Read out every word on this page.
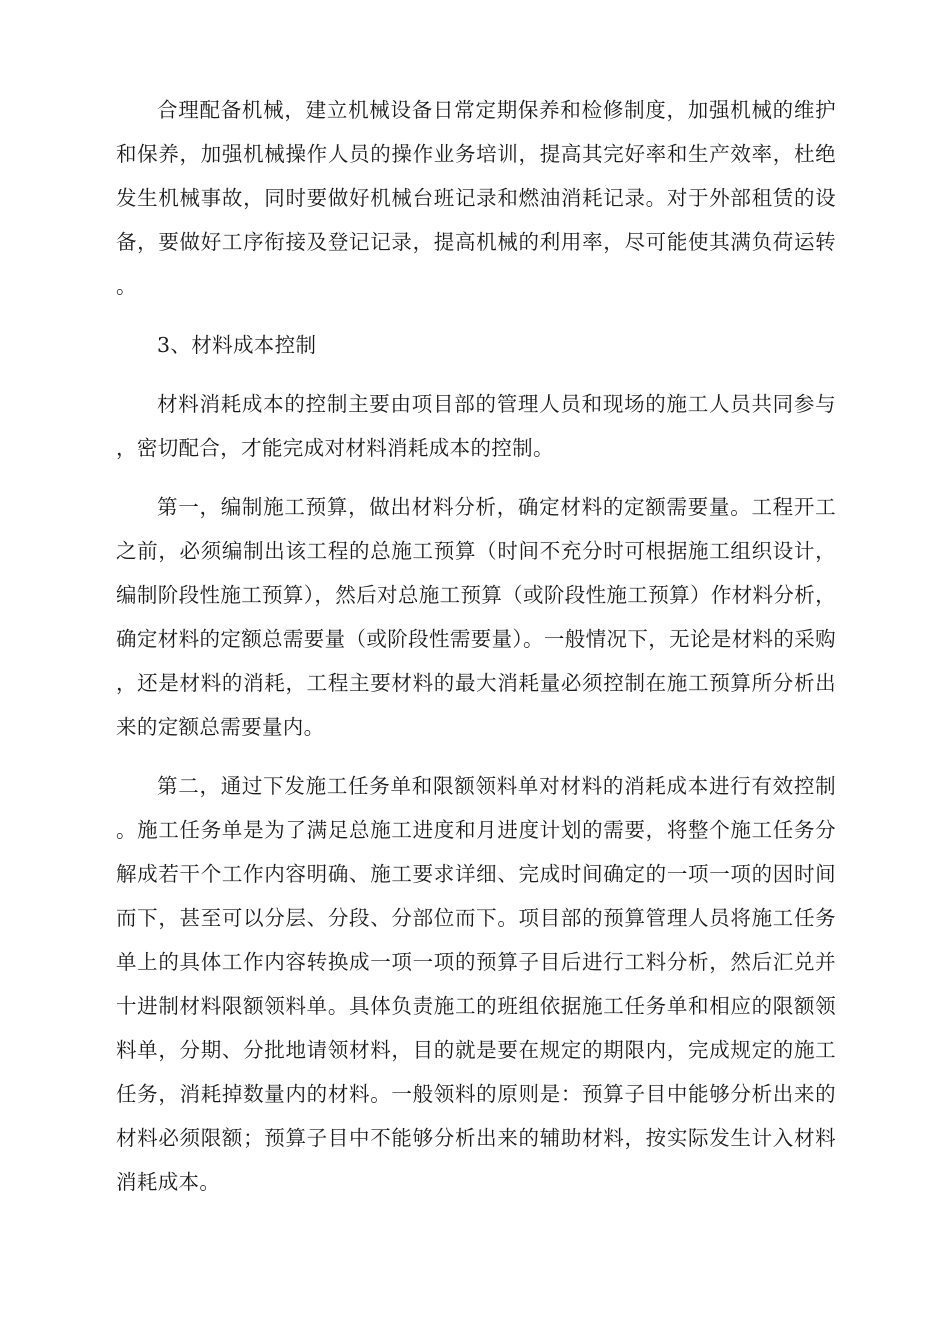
合理配备机械，建立机械设备日常定期保养和检修制度，加强机械的维护和保养，加强机械操作人员的操作业务培训，提高其完好率和生产效率，杜绝发生机械事故，同时要做好机械台班记录和燃油消耗记录。对于外部租赁的设备，要做好工序衔接及登记记录，提高机械的利用率，尽可能使其满负荷运转。

3、材料成本控制

材料消耗成本的控制主要由项目部的管理人员和现场的施工人员共同参与，密切配合，才能完成对材料消耗成本的控制。

第一，编制施工预算，做出材料分析，确定材料的定额需要量。工程开工之前，必须编制出该工程的总施工预算（时间不充分时可根据施工组织设计，编制阶段性施工预算），然后对总施工预算（或阶段性施工预算）作材料分析，确定材料的定额总需要量（或阶段性需要量）。一般情况下，无论是材料的采购，还是材料的消耗，工程主要材料的最大消耗量必须控制在施工预算所分析出来的定额总需要量内。

第二，通过下发施工任务单和限额领料单对材料的消耗成本进行有效控制。施工任务单是为了满足总施工进度和月进度计划的需要，将整个施工任务分解成若干个工作内容明确、施工要求详细、完成时间确定的一项一项的因时间而下，甚至可以分层、分段、分部位而下。项目部的预算管理人员将施工任务单上的具体工作内容转换成一项一项的预算子目后进行工料分析，然后汇兑并十进制材料限额领料单。具体负责施工的班组依据施工任务单和相应的限额领料单，分期、分批地请领材料，目的就是要在规定的期限内，完成规定的施工任务，消耗掉数量内的材料。一般领料的原则是：预算子目中能够分析出来的材料必须限额；预算子目中不能够分析出来的辅助材料，按实际发生计入材料消耗成本。
